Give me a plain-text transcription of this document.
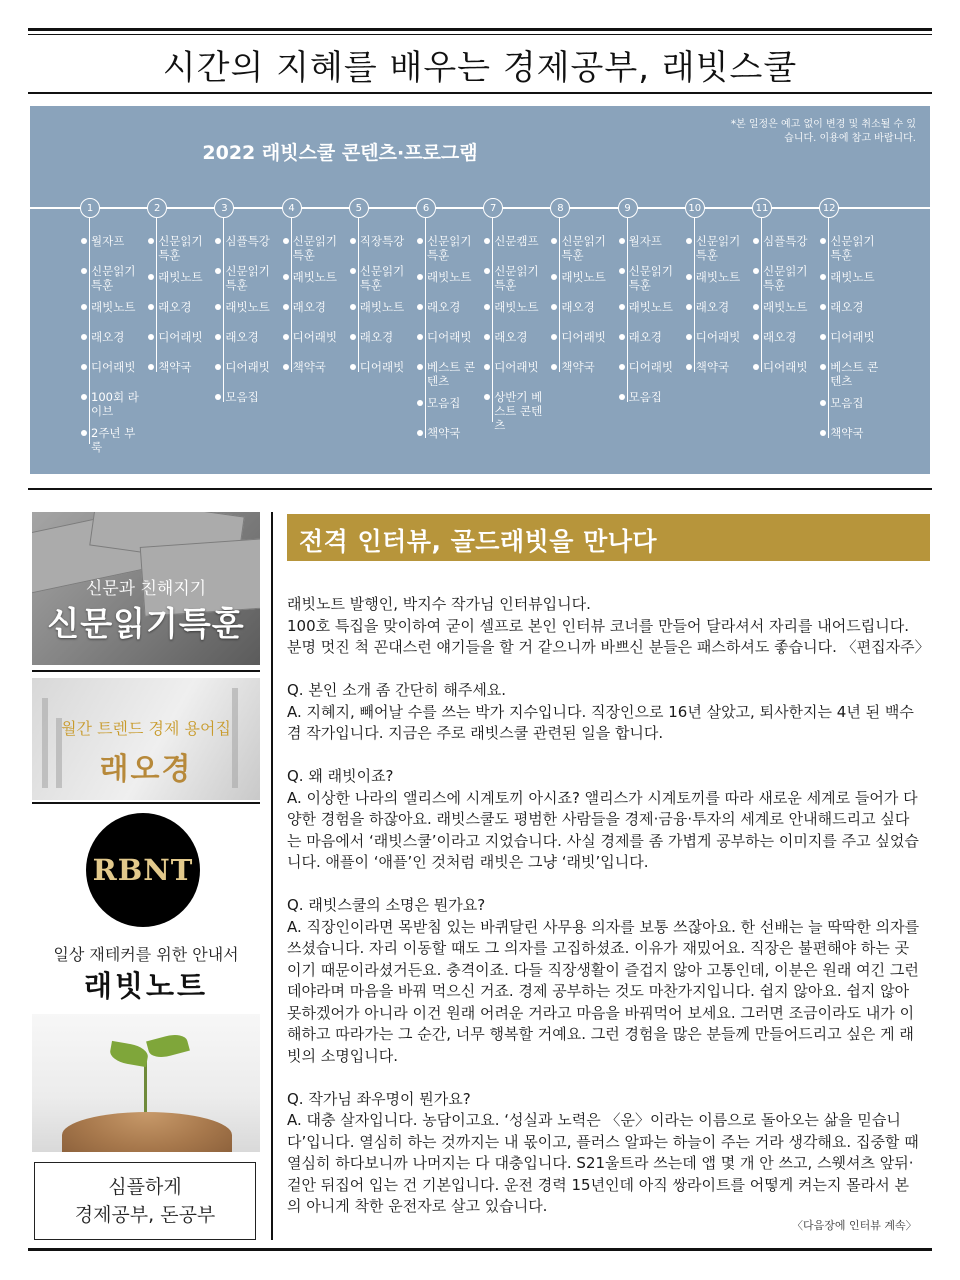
시간의 지혜를 배우는 경제공부, 래빗스쿨
2022 래빗스쿨 콘텐츠·프로그램
*본 일정은 예고 없이 변경 및 취소될 수 있습니다. 이용에 참고 바랍니다.
1
월자프
신문읽기 특훈
래빗노트
래오경
디어래빗
100회 라이브
2주년 부룩
2
신문읽기 특훈
래빗노트
래오경
디어래빗
책약국
3
심플특강
신문읽기 특훈
래빗노트
래오경
디어래빗
모음집
4
신문읽기 특훈
래빗노트
래오경
디어래빗
책약국
5
직장특강
신문읽기 특훈
래빗노트
래오경
디어래빗
6
신문읽기 특훈
래빗노트
래오경
디어래빗
베스트 콘텐츠
모음집
책약국
7
신문캠프
신문읽기 특훈
래빗노트
래오경
디어래빗
상반기 베스트 콘텐츠
8
신문읽기 특훈
래빗노트
래오경
디어래빗
책약국
9
월자프
신문읽기 특훈
래빗노트
래오경
디어래빗
모음집
10
신문읽기 특훈
래빗노트
래오경
디어래빗
책약국
11
심플특강
신문읽기 특훈
래빗노트
래오경
디어래빗
12
신문읽기 특훈
래빗노트
래오경
디어래빗
베스트 콘텐츠
모음집
책약국
신문과 친해지기
신문읽기특훈
월간 트렌드 경제 용어집
래오경
RBNT
일상 재테커를 위한 안내서
래빗노트
심플하게
경제공부, 돈공부
전격 인터뷰, 골드래빗을 만나다

래빗노트 발행인, 박지수 작가님 인터뷰입니다.

100호 특집을 맞이하여 굳이 셀프로 본인 인터뷰 코너를 만들어 달라셔서 자리를 내어드립니다. 분명 멋진 척 꼰대스런 얘기들을 할 거 같으니까 바쁘신 분들은 패스하셔도 좋습니다. 〈편집자주〉

Q. 본인 소개 좀 간단히 해주세요.

A. 지혜지, 빼어날 수를 쓰는 박가 지수입니다. 직장인으로 16년 살았고, 퇴사한지는 4년 된 백수 겸 작가입니다. 지금은 주로 래빗스쿨 관련된 일을 합니다.

Q. 왜 래빗이죠?

A. 이상한 나라의 앨리스에 시계토끼 아시죠? 앨리스가 시계토끼를 따라 새로운 세계로 들어가 다양한 경험을 하잖아요. 래빗스쿨도 평범한 사람들을 경제·금융·투자의 세계로 안내해드리고 싶다는 마음에서 ‘래빗스쿨’이라고 지었습니다. 사실 경제를 좀 가볍게 공부하는 이미지를 주고 싶었습니다. 애플이 ‘애플’인 것처럼 래빗은 그냥 ‘래빗’입니다.

Q. 래빗스쿨의 소명은 뭔가요?

A. 직장인이라면 목받침 있는 바퀴달린 사무용 의자를 보통 쓰잖아요. 한 선배는 늘 딱딱한 의자를 쓰셨습니다. 자리 이동할 때도 그 의자를 고집하셨죠. 이유가 재밌어요. 직장은 불편해야 하는 곳이기 때문이라셨거든요. 충격이죠. 다들 직장생활이 즐겁지 않아 고통인데, 이분은 원래 여긴 그런 데야라며 마음을 바꿔 먹으신 거죠. 경제 공부하는 것도 마찬가지입니다. 쉽지 않아요. 쉽지 않아 못하겠어가 아니라 이건 원래 어려운 거라고 마음을 바꿔먹어 보세요. 그러면 조금이라도 내가 이해하고 따라가는 그 순간, 너무 행복할 거예요. 그런 경험을 많은 분들께 만들어드리고 싶은 게 래빗의 소명입니다.

Q. 작가님 좌우명이 뭔가요?

A. 대충 살자입니다. 농담이고요. ‘성실과 노력은 〈운〉이라는 이름으로 돌아오는 삶을 믿습니다’입니다. 열심히 하는 것까지는 내 몫이고, 플러스 알파는 하늘이 주는 거라 생각해요. 집중할 때 열심히 하다보니까 나머지는 다 대충입니다. S21울트라 쓰는데 앱 몇 개 안 쓰고, 스웻셔츠 앞뒤· 겉안 뒤집어 입는 건 기본입니다. 운전 경력 15년인데 아직 쌍라이트를 어떻게 켜는지 몰라서 본의 아니게 착한 운전자로 살고 있습니다.

〈다음장에 인터뷰 계속〉
